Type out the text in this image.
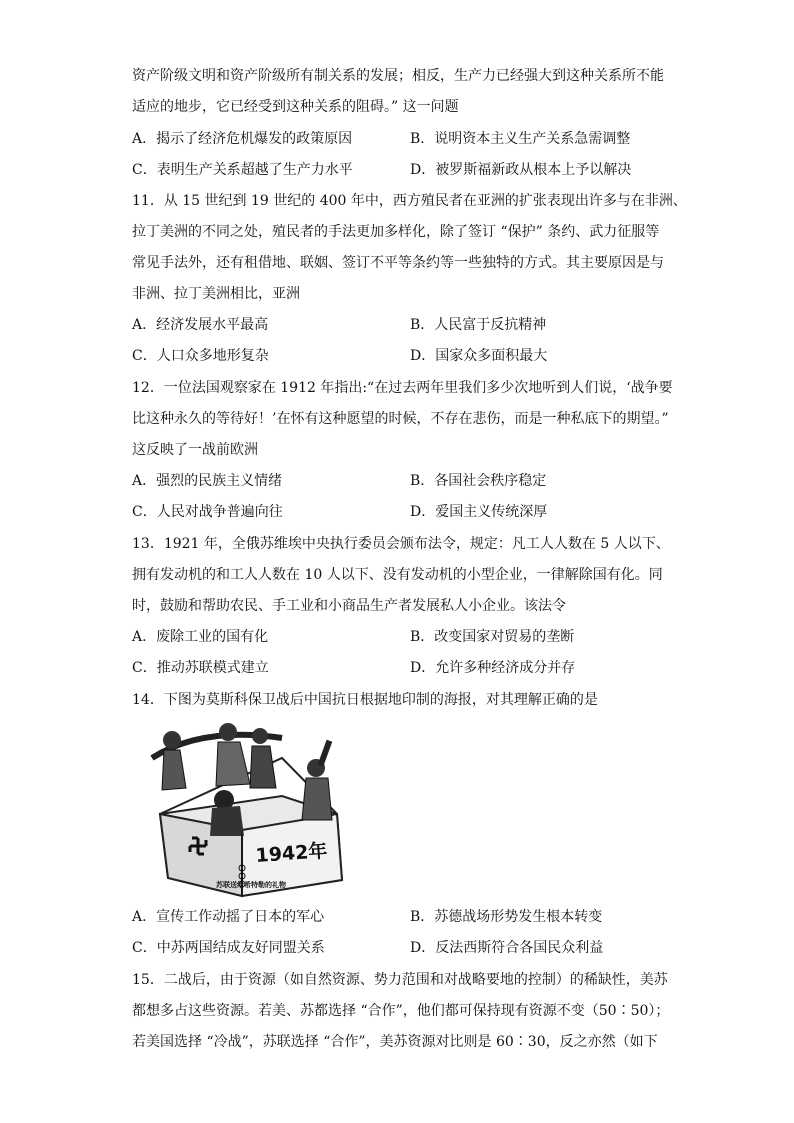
资产阶级文明和资产阶级所有制关系的发展；相反，生产力已经强大到这种关系所不能
适应的地步，它已经受到这种关系的阻碍。” 这一问题
A．揭示了经济危机爆发的政策原因	B．说明资本主义生产关系急需调整
C．表明生产关系超越了生产力水平	D．被罗斯福新政从根本上予以解决
11．从 15 世纪到 19 世纪的 400 年中，西方殖民者在亚洲的扩张表现出许多与在非洲、
拉丁美洲的不同之处，殖民者的手法更加多样化，除了签订 “保护” 条约、武力征服等
常见手法外，还有租借地、联姻、签订不平等条约等一些独特的方式。其主要原因是与
非洲、拉丁美洲相比，亚洲
A．经济发展水平最高	B．人民富于反抗精神
C．人口众多地形复杂	D．国家众多面积最大
12．一位法国观察家在 1912 年指出:“在过去两年里我们多少次地听到人们说，‘战争要
比这种永久的等待好！’在怀有这种愿望的时候，不存在悲伤，而是一种私底下的期望。”
这反映了一战前欧洲
A．强烈的民族主义情绪	B．各国社会秩序稳定
C．人民对战争普遍向往	D．爱国主义传统深厚
13．1921 年，全俄苏维埃中央执行委员会颁布法令，规定：凡工人人数在 5 人以下、
拥有发动机的和工人人数在 10 人以下、没有发动机的小型企业，一律解除国有化。同
时，鼓励和帮助农民、手工业和小商品生产者发展私人小企业。该法令
A．废除工业的国有化	B．改变国家对贸易的垄断
C．推动苏联模式建立	D．允许多种经济成分并存
14．下图为莫斯科保卫战后中国抗日根据地印制的海报，对其理解正确的是
1942年
苏联送给希特勒的礼物
A．宣传工作动摇了日本的军心	B．苏德战场形势发生根本转变
C．中苏两国结成友好同盟关系	D．反法西斯符合各国民众利益
15．二战后，由于资源（如自然资源、势力范围和对战略要地的控制）的稀缺性，美苏
都想多占这些资源。若美、苏都选择 “合作”，他们都可保持现有资源不变（50∶50）；
若美国选择 “冷战”，苏联选择 “合作”，美苏资源对比则是 60∶30，反之亦然（如下
